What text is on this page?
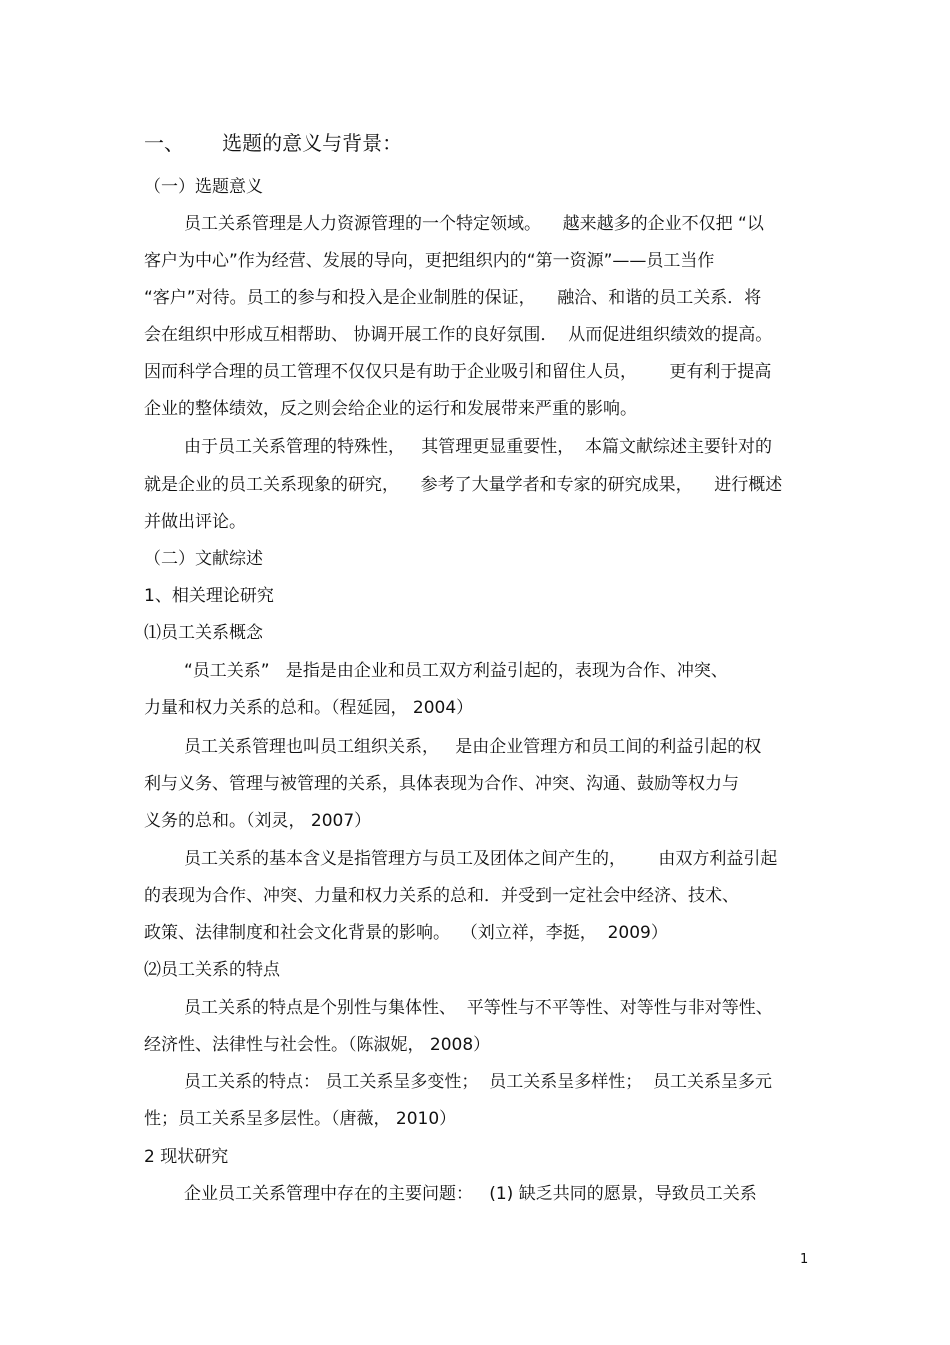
一、      选题的意义与背景：

（一）选题意义

员工关系管理是人力资源管理的一个特定领域。    越来越多的企业不仅把 “以

客户为中心”作为经营、发展的导向，更把组织内的“第一资源”——员工当作

“客户”对待。员工的参与和投入是企业制胜的保证，    融洽、和谐的员工关系．将

会在组织中形成互相帮助、 协调开展工作的良好氛围．  从而促进组织绩效的提高。

因而科学合理的员工管理不仅仅只是有助于企业吸引和留住人员，      更有利于提高

企业的整体绩效，反之则会给企业的运行和发展带来严重的影响。

由于员工关系管理的特殊性，   其管理更显重要性，  本篇文献综述主要针对的

就是企业的员工关系现象的研究，    参考了大量学者和专家的研究成果，    进行概述

并做出评论。

（二）文献综述

1、相关理论研究

⑴员工关系概念

“员工关系”   是指是由企业和员工双方利益引起的，表现为合作、冲突、

力量和权力关系的总和。（程延园， 2004）

员工关系管理也叫员工组织关系，   是由企业管理方和员工间的利益引起的权

利与义务、管理与被管理的关系，具体表现为合作、冲突、沟通、鼓励等权力与

义务的总和。（刘灵， 2007）

员工关系的基本含义是指管理方与员工及团体之间产生的，      由双方利益引起

的表现为合作、冲突、力量和权力关系的总和．并受到一定社会中经济、技术、

政策、法律制度和社会文化背景的影响。  （刘立祥，李挺，  2009）

⑵员工关系的特点

员工关系的特点是个别性与集体性、  平等性与不平等性、对等性与非对等性、

经济性、法律性与社会性。（陈淑妮， 2008）

员工关系的特点： 员工关系呈多变性；  员工关系呈多样性；  员工关系呈多元

性；员工关系呈多层性。（唐薇， 2010）

2 现状研究

企业员工关系管理中存在的主要问题：   (1) 缺乏共同的愿景，导致员工关系

1
